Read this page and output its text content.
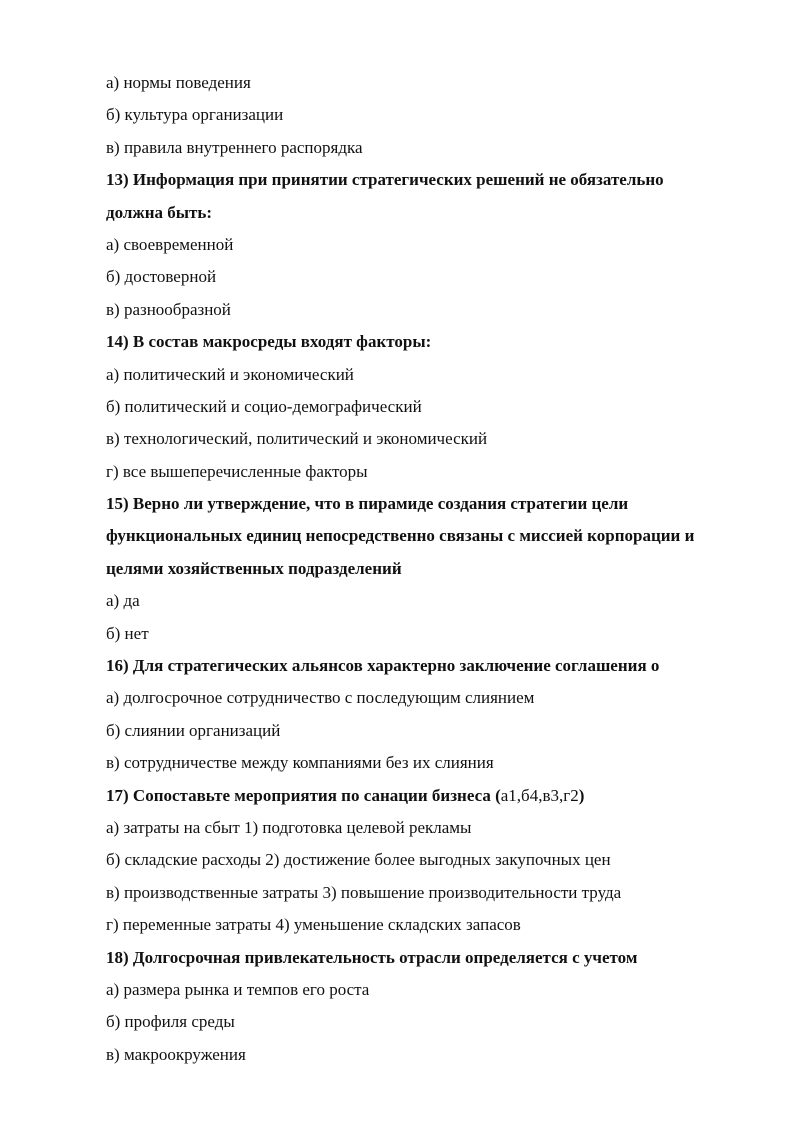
а) нормы поведения
б) культура организации
в) правила внутреннего распорядка
13) Информация при принятии стратегических решений не обязательно
должна быть:
а) своевременной
б) достоверной
в) разнообразной
14) В состав макросреды входят факторы:
а) политический и экономический
б) политический и социо-демографический
в) технологический, политический и экономический
г) все вышеперечисленные факторы
15) Верно ли утверждение, что в пирамиде создания стратегии цели
функциональных единиц непосредственно связаны с миссией корпорации и
целями хозяйственных подразделений
а) да
б) нет
16) Для стратегических альянсов характерно заключение соглашения о
а) долгосрочное сотрудничество с последующим слиянием
б) слиянии организаций
в) сотрудничестве между компаниями без их слияния
17) Сопоставьте мероприятия по санации бизнеса (а1,б4,в3,г2)
а) затраты на сбыт 1) подготовка целевой рекламы
б) складские расходы 2) достижение более выгодных закупочных цен
в) производственные затраты 3) повышение производительности труда
г) переменные затраты 4) уменьшение складских запасов
18) Долгосрочная привлекательность отрасли определяется с учетом
а) размера рынка и темпов его роста
б) профиля среды
в) макроокружения
